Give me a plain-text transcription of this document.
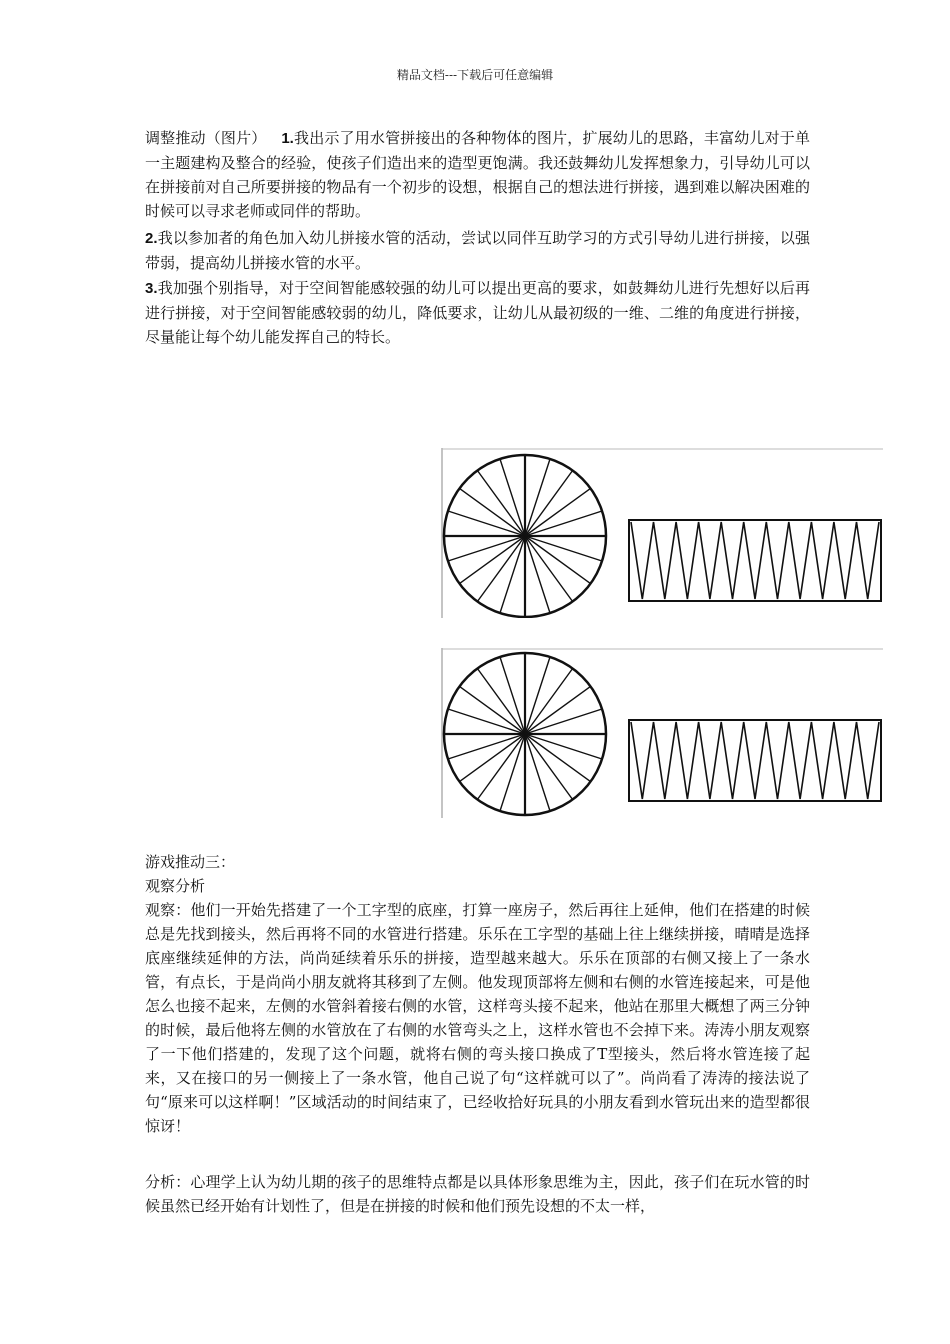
精品文档---下载后可任意编辑

调整推动（图片） 1.我出示了用水管拼接出的各种物体的图片，扩展幼儿的思路，丰富幼儿对于单一主题建构及整合的经验，使孩子们造出来的造型更饱满。我还鼓舞幼儿发挥想象力，引导幼儿可以在拼接前对自己所要拼接的物品有一个初步的设想，根据自己的想法进行拼接，遇到难以解决困难的时候可以寻求老师或同伴的帮助。

2.我以参加者的角色加入幼儿拼接水管的活动，尝试以同伴互助学习的方式引导幼儿进行拼接，以强带弱，提高幼儿拼接水管的水平。

3.我加强个别指导，对于空间智能感较强的幼儿可以提出更高的要求，如鼓舞幼儿进行先想好以后再进行拼接，对于空间智能感较弱的幼儿，降低要求，让幼儿从最初级的一维、二维的角度进行拼接，尽量能让每个幼儿能发挥自己的特长。

游戏推动三：

观察分析

观察：他们一开始先搭建了一个工字型的底座，打算一座房子，然后再往上延伸，他们在搭建的时候总是先找到接头，然后再将不同的水管进行搭建。乐乐在工字型的基础上往上继续拼接，晴晴是选择底座继续延伸的方法，尚尚延续着乐乐的拼接，造型越来越大。乐乐在顶部的右侧又接上了一条水管，有点长，于是尚尚小朋友就将其移到了左侧。他发现顶部将左侧和右侧的水管连接起来，可是他怎么也接不起来，左侧的水管斜着接右侧的水管，这样弯头接不起来，他站在那里大概想了两三分钟的时候，最后他将左侧的水管放在了右侧的水管弯头之上，这样水管也不会掉下来。涛涛小朋友观察了一下他们搭建的，发现了这个问题，就将右侧的弯头接口换成了T型接头，然后将水管连接了起来，又在接口的另一侧接上了一条水管，他自己说了句“这样就可以了”。尚尚看了涛涛的接法说了句“原来可以这样啊！”区域活动的时间结束了，已经收拾好玩具的小朋友看到水管玩出来的造型都很惊讶！

分析：心理学上认为幼儿期的孩子的思维特点都是以具体形象思维为主，因此，孩子们在玩水管的时候虽然已经开始有计划性了，但是在拼接的时候和他们预先设想的不太一样，
